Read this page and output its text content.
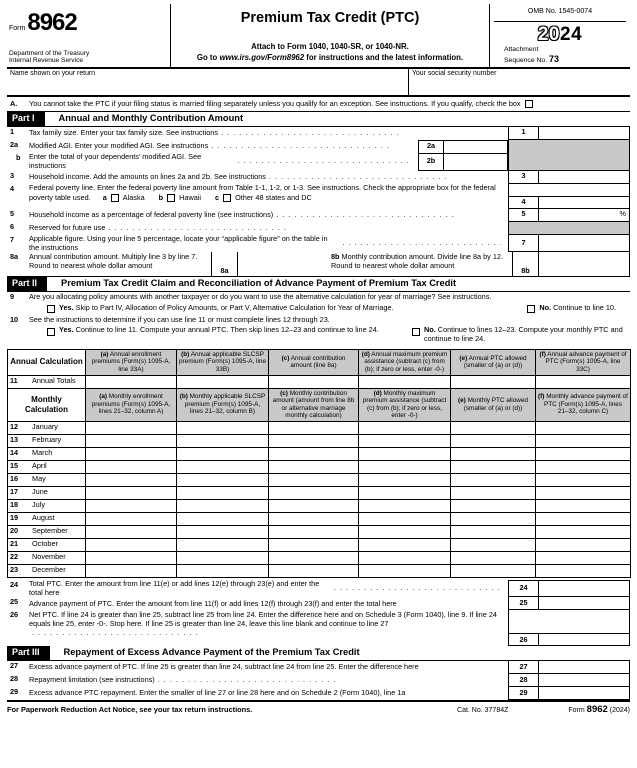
Form8962
Department of the Treasury
Internal Revenue Service
Premium Tax Credit (PTC)
Attach to Form 1040, 1040-SR, or 1040-NR.
Go to www.irs.gov/Form8962 for instructions and the latest information.
OMB No. 1545-0074
2024
Attachment
Sequence No. 73
Name shown on your return	Your social security number
A.	You cannot take the PTC if your filing status is married filing separately unless you qualify for an exception. See instructions. If you qualify, check the box
Part I	Annual and Monthly Contribution Amount
1	Tax family size. Enter your tax family size. See instructions .	1
2a	Modified AGI. Enter your modified AGI. See instructions .	2a
b	Enter the total of your dependents’ modified AGI. See instructions .	2b
3	Household income. Add the amounts on lines 2a and 2b. See instructions .	3
4	Federal poverty line. Enter the federal poverty line amount from Table 1-1, 1-2, or 1-3. See instructions. Check the appropriate box for the federal poverty table used. a Alaska b Hawaii c Other 48 states and DC	4
5	Household income as a percentage of federal poverty line (see instructions) .	5	%
6	Reserved for future use
.
7	Applicable figure. Using your line 5 percentage, locate your “applicable figure” on the table in the instructions
.
7
8a	Annual contribution amount. Multiply line 3 by line 7. Round to nearest whole dollar amount	8a
8b Monthly contribution amount. Divide line 8a by 12. Round to nearest whole dollar amount	8b
Part II	Premium Tax Credit Claim and Reconciliation of Advance Payment of Premium Tax Credit
9	Are you allocating policy amounts with another taxpayer or do you want to use the alternative calculation for year of marriage? See instructions.
Yes. Skip to Part IV, Allocation of Policy Amounts, or Part V, Alternative Calculation for Year of Marriage.	No. Continue to line 10.
10	See the instructions to determine if you can use line 11 or must complete lines 12 through 23.
Yes. Continue to line 11. Compute your annual PTC. Then skip lines 12–23 and continue to line 24.	No. Continue to lines 12–23. Compute your monthly PTC and continue to line 24.
Annual Calculation	(a) Annual enrollment premiums (Form(s) 1095-A, line 33A)	(b) Annual applicable SLCSP premium (Form(s) 1095-A, line 33B)	(c) Annual contribution amount (line 8a)	(d) Annual maximum premium assistance (subtract (c) from (b); if zero or less, enter -0-)	(e) Annual PTC allowed (smaller of (a) or (d))	(f) Annual advance payment of PTC (Form(s) 1095-A, line 33C)
11 Annual Totals						
Monthly Calculation	(a) Monthly enrollment premiums (Form(s) 1095-A, lines 21–32, column A)	(b) Monthly applicable SLCSP premium (Form(s) 1095-A, lines 21–32, column B)	(c) Monthly contribution amount (amount from line 8b or alternative marriage monthly calculation)	(d) Monthly maximum premium assistance (subtract (c) from (b); if zero or less, enter -0-)	(e) Monthly PTC allowed (smaller of (a) or (d))	(f) Monthly advance payment of PTC (Form(s) 1095-A, lines 21–32, column C)
12 January						
13 February						
14 March						
15 April						
16 May						
17 June						
18 July						
19 August						
20 September						
21 October						
22 November						
23 December						
24	Total PTC. Enter the amount from line 11(e) or add lines 12(e) through 23(e) and enter the total here .	24
25	Advance payment of PTC. Enter the amount from line 11(f) or add lines 12(f) through 23(f) and enter the total here	25
26	Net PTC. If line 24 is greater than line 25, subtract line 25 from line 24. Enter the difference here and on Schedule 3 (Form 1040), line 9. If line 24 equals line 25, enter -0-. Stop here. If line 25 is greater than line 24, leave this line blank and continue to line 27.
26
Part III	Repayment of Excess Advance Payment of the Premium Tax Credit
27	Excess advance payment of PTC. If line 25 is greater than line 24, subtract line 24 from line 25. Enter the difference here	27
28	Repayment limitation (see instructions) .	28
29	Excess advance PTC repayment. Enter the smaller of line 27 or line 28 here and on Schedule 2 (Form 1040), line 1a	29
For Paperwork Reduction Act Notice, see your tax return instructions.	Cat. No. 37784Z	Form 8962 (2024)
